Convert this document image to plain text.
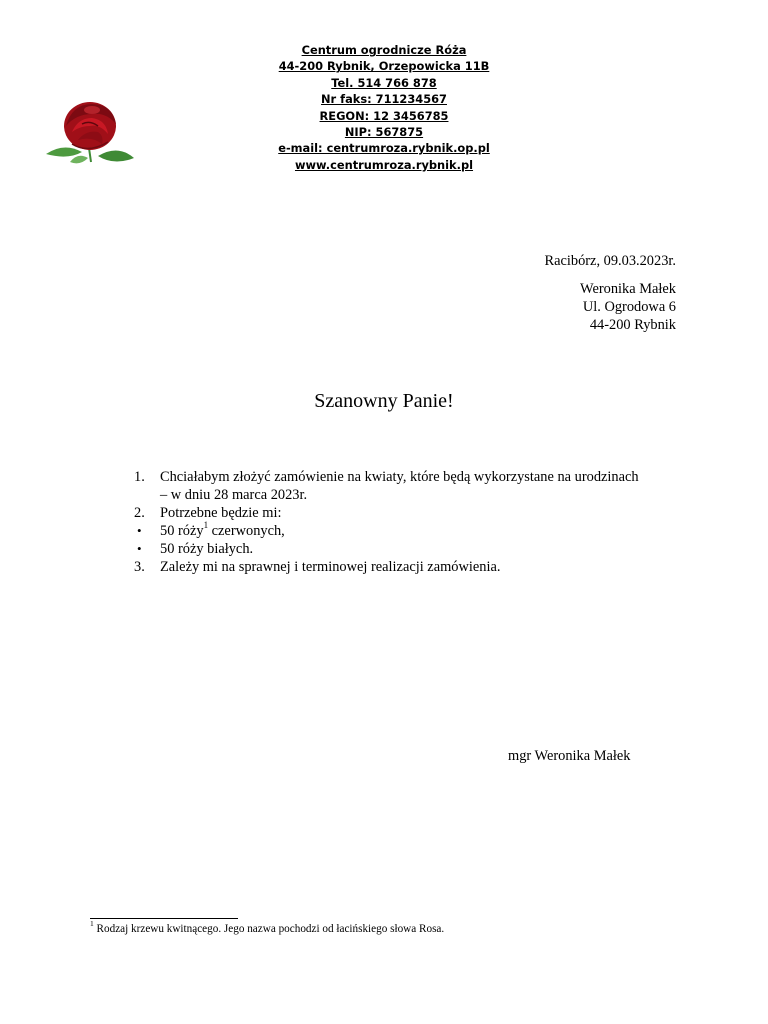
Centrum ogrodnicze Róża
44-200 Rybnik, Orzepowicka 11B
Tel. 514 766 878
Nr faks: 711234567
REGON: 12 3456785
NIP: 567875
e-mail: centrumroza.rybnik.op.pl
www.centrumroza.rybnik.pl
Racibórz, 09.03.2023r.
Weronika Małek
Ul. Ogrodowa 6
44-200 Rybnik
Szanowny Panie!
1.	Chciałabym złożyć zamówienie na kwiaty, które będą wykorzystane na urodzinach
– w dniu 28 marca 2023r.
2.	Potrzebne będzie mi:
•	50 róży$^1$ czerwonych,
•	50 róży białych.
3.	Zależy mi na sprawnej i terminowej realizacji zamówienia.
mgr Weronika Małek
$^1$ Rodzaj krzewu kwitnącego. Jego nazwa pochodzi od łacińskiego słowa Rosa.
